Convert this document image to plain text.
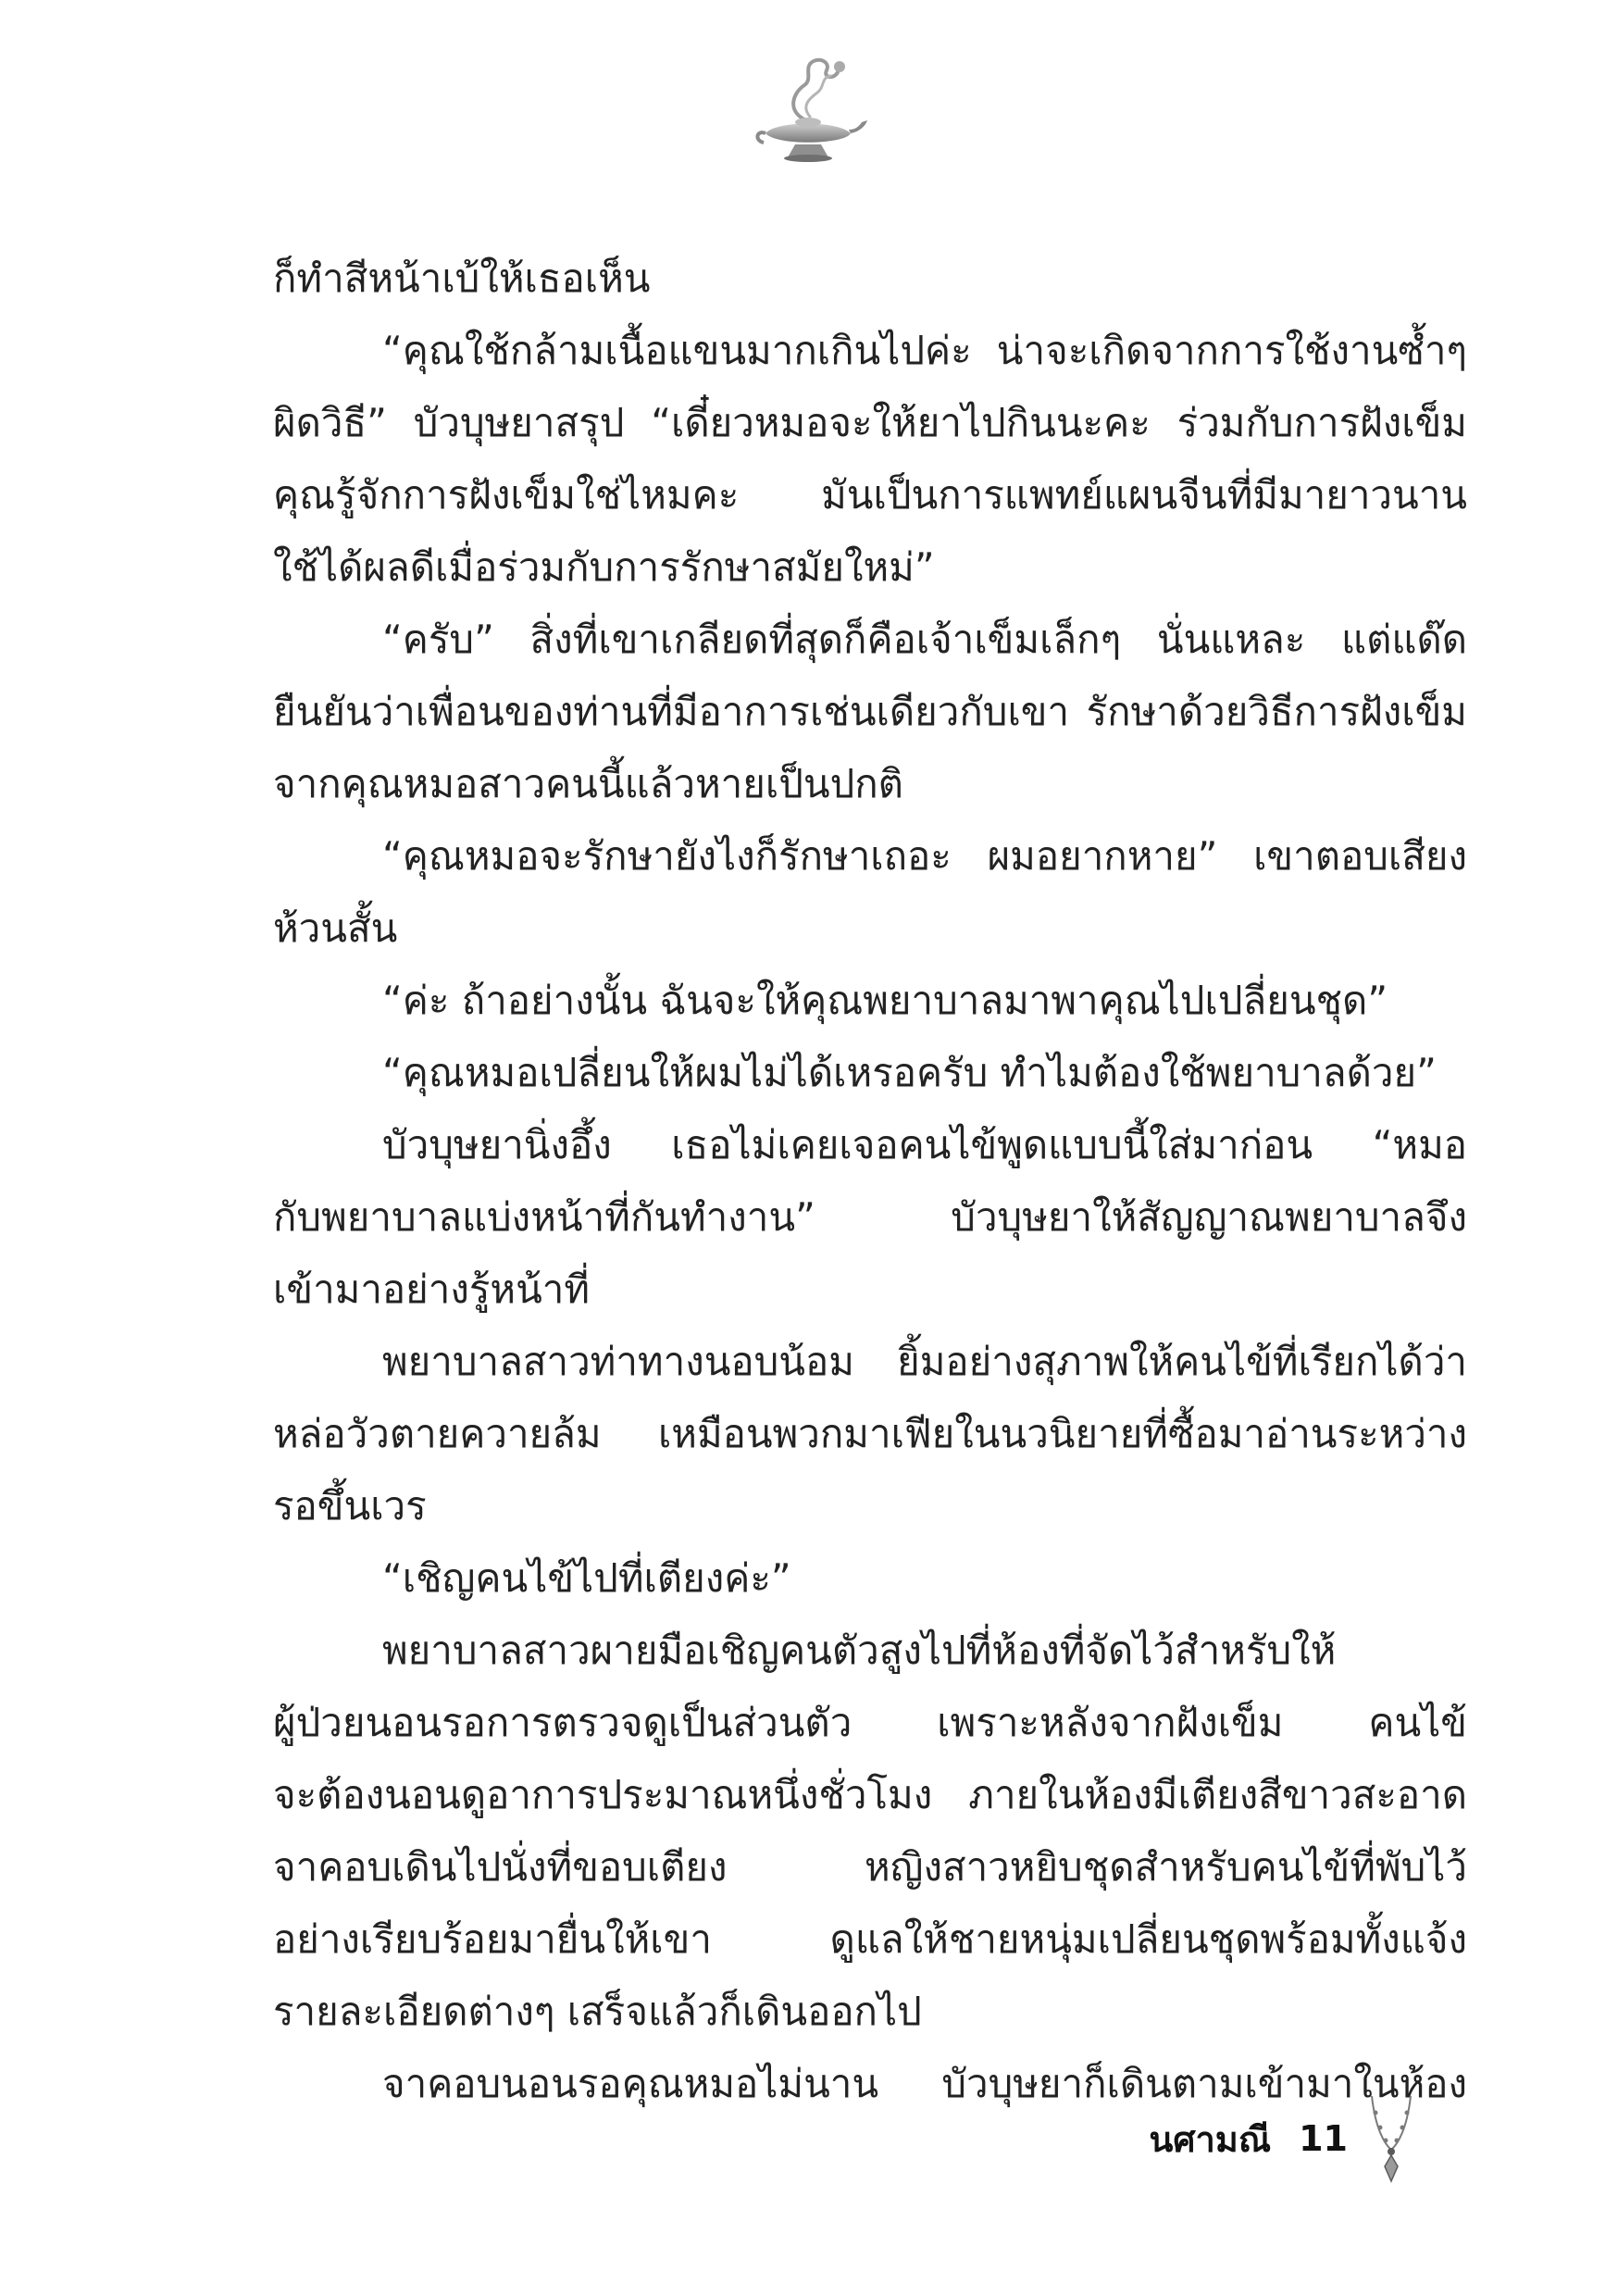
ก็ทำสีหน้าเบ้ให้เธอเห็น
“คุณใช้กล้ามเนื้อแขนมากเกินไปค่ะ น่าจะเกิดจากการใช้งานซ้ำๆ
ผิดวิธี” บัวบุษยาสรุป “เดี๋ยวหมอจะให้ยาไปกินนะคะ ร่วมกับการฝังเข็ม
คุณรู้จักการฝังเข็มใช่ไหมคะ มันเป็นการแพทย์แผนจีนที่มีมายาวนาน
ใช้ได้ผลดีเมื่อร่วมกับการรักษาสมัยใหม่”
“ครับ” สิ่งที่เขาเกลียดที่สุดก็คือเจ้าเข็มเล็กๆ นั่นแหละ แต่แด๊ด
ยืนยันว่าเพื่อนของท่านที่มีอาการเช่นเดียวกับเขา รักษาด้วยวิธีการฝังเข็ม
จากคุณหมอสาวคนนี้แล้วหายเป็นปกติ
“คุณหมอจะรักษายังไงก็รักษาเถอะ ผมอยากหาย” เขาตอบเสียง
ห้วนสั้น
“ค่ะ ถ้าอย่างนั้น ฉันจะให้คุณพยาบาลมาพาคุณไปเปลี่ยนชุด”
“คุณหมอเปลี่ยนให้ผมไม่ได้เหรอครับ ทำไมต้องใช้พยาบาลด้วย”
บัวบุษยานิ่งอึ้ง เธอไม่เคยเจอคนไข้พูดแบบนี้ใส่มาก่อน “หมอ
กับพยาบาลแบ่งหน้าที่กันทำงาน” บัวบุษยาให้สัญญาณพยาบาลจึง
เข้ามาอย่างรู้หน้าที่
พยาบาลสาวท่าทางนอบน้อม ยิ้มอย่างสุภาพให้คนไข้ที่เรียกได้ว่า
หล่อวัวตายควายล้ม เหมือนพวกมาเฟียในนวนิยายที่ซื้อมาอ่านระหว่าง
รอขึ้นเวร
“เชิญคนไข้ไปที่เตียงค่ะ”
พยาบาลสาวผายมือเชิญคนตัวสูงไปที่ห้องที่จัดไว้สำหรับให้
ผู้ป่วยนอนรอการตรวจดูเป็นส่วนตัว เพราะหลังจากฝังเข็ม คนไข้
จะต้องนอนดูอาการประมาณหนึ่งชั่วโมง ภายในห้องมีเตียงสีขาวสะอาด
จาคอบเดินไปนั่งที่ขอบเตียง หญิงสาวหยิบชุดสำหรับคนไข้ที่พับไว้
อย่างเรียบร้อยมายื่นให้เขา ดูแลให้ชายหนุ่มเปลี่ยนชุดพร้อมทั้งแจ้ง
รายละเอียดต่างๆ เสร็จแล้วก็เดินออกไป
จาคอบนอนรอคุณหมอไม่นาน บัวบุษยาก็เดินตามเข้ามาในห้อง
นศามณี 11
